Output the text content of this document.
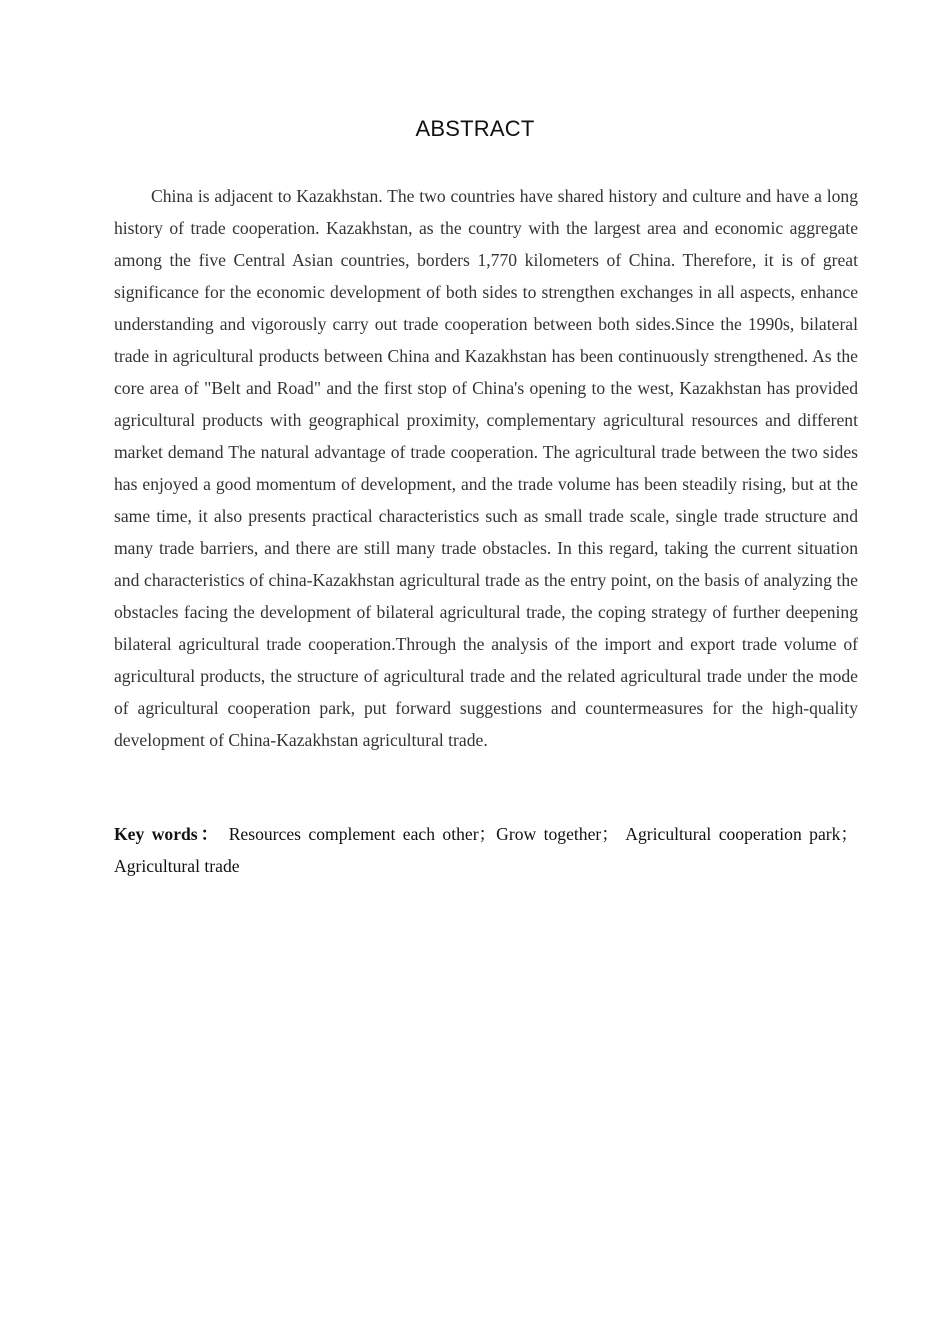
ABSTRACT

China is adjacent to Kazakhstan. The two countries have shared history and culture and have a long history of trade cooperation. Kazakhstan, as the country with the largest area and economic aggregate among the five Central Asian countries, borders 1,770 kilometers of China. Therefore, it is of great significance for the economic development of both sides to strengthen exchanges in all aspects, enhance understanding and vigorously carry out trade cooperation between both sides.Since the 1990s, bilateral trade in agricultural products between China and Kazakhstan has been continuously strengthened. As the core area of "Belt and Road" and the first stop of China's opening to the west, Kazakhstan has provided agricultural products with geographical proximity, complementary agricultural resources and different market demand The natural advantage of trade cooperation. The agricultural trade between the two sides has enjoyed a good momentum of development, and the trade volume has been steadily rising, but at the same time, it also presents practical characteristics such as small trade scale, single trade structure and many trade barriers, and there are still many trade obstacles. In this regard, taking the current situation and characteristics of china-Kazakhstan agricultural trade as the entry point, on the basis of analyzing the obstacles facing the development of bilateral agricultural trade, the coping strategy of further deepening bilateral agricultural trade cooperation.Through the analysis of the import and export trade volume of agricultural products, the structure of agricultural trade and the related agricultural trade under the mode of agricultural cooperation park, put forward suggestions and countermeasures for the high-quality development of China-Kazakhstan agricultural trade.

Key words： Resources complement each other；Grow together； Agricultural cooperation park；Agricultural trade
